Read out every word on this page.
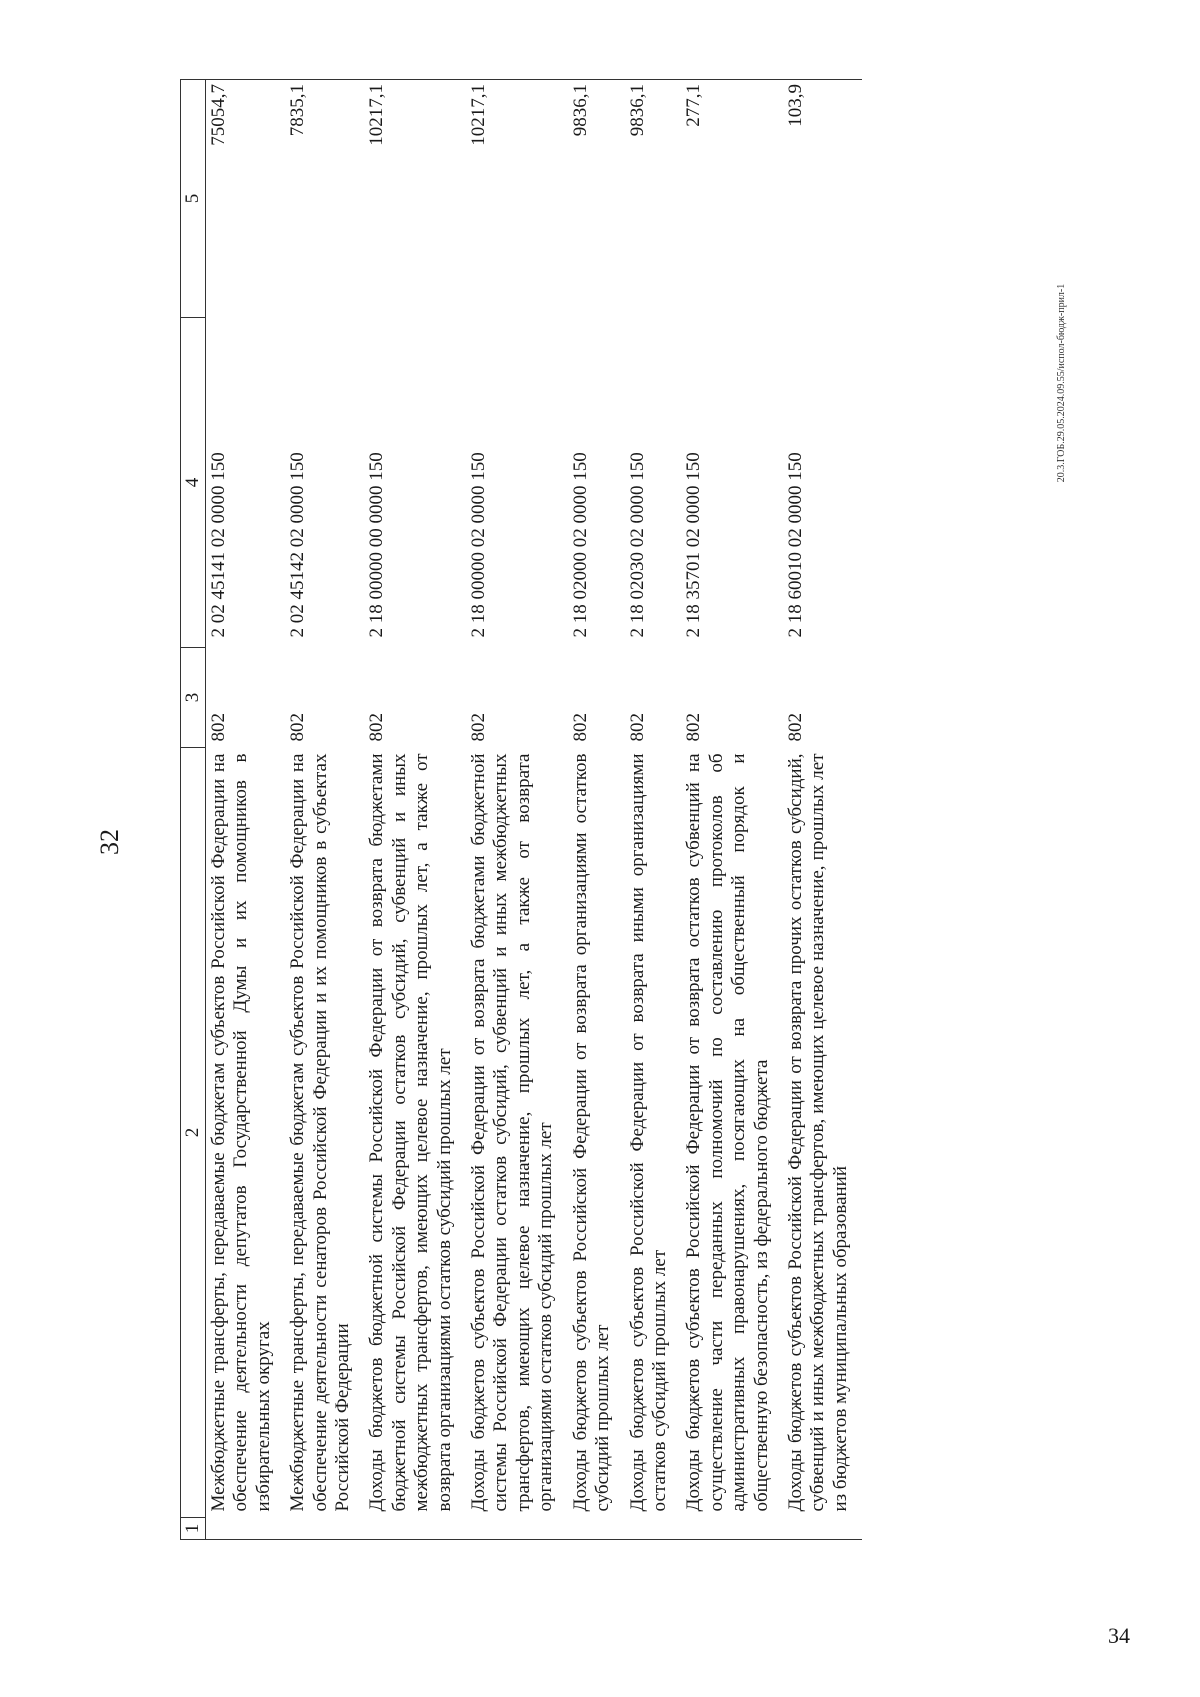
32
34
20.3.ГОБ.29.05.2024.09.55/испол-бюдж-прил-1
1	2	3	4	5
	Межбюджетные трансферты, передаваемые бюджетам субъектов Российской Федерации на обеспечение деятельности депутатов Государственной Думы и их помощников в избирательных округах	802	2 02 45141 02 0000 150	75054,7
	Межбюджетные трансферты, передаваемые бюджетам субъектов Российской Федерации на обеспечение деятельности сенаторов Российской Федерации и их помощников в субъектах Российской Федерации	802	2 02 45142 02 0000 150	7835,1
	Доходы бюджетов бюджетной системы Российской Федерации от возврата бюджетами бюджетной системы Российской Федерации остатков субсидий, субвенций и иных межбюджетных трансфертов, имеющих целевое назначение, прошлых лет, а также от возврата организациями остатков субсидий прошлых лет	802	2 18 00000 00 0000 150	10217,1
	Доходы бюджетов субъектов Российской Федерации от возврата бюджетами бюджетной системы Российской Федерации остатков субсидий, субвенций и иных межбюджетных трансфертов, имеющих целевое назначение, прошлых лет, а также от возврата организациями остатков субсидий прошлых лет	802	2 18 00000 02 0000 150	10217,1
	Доходы бюджетов субъектов Российской Федерации от возврата организациями остатков субсидий прошлых лет	802	2 18 02000 02 0000 150	9836,1
	Доходы бюджетов субъектов Российской Федерации от возврата иными организациями остатков субсидий прошлых лет	802	2 18 02030 02 0000 150	9836,1
	Доходы бюджетов субъектов Российской Федерации от возврата остатков субвенций на осуществление части переданных полномочий по составлению протоколов об административных правонарушениях, посягающих на общественный порядок и общественную безопасность, из федерального бюджета	802	2 18 35701 02 0000 150	277,1
	Доходы бюджетов субъектов Российской Федерации от возврата прочих остатков субсидий, субвенций и иных межбюджетных трансфертов, имеющих целевое назначение, прошлых лет из бюджетов муниципальных образований	802	2 18 60010 02 0000 150	103,9
